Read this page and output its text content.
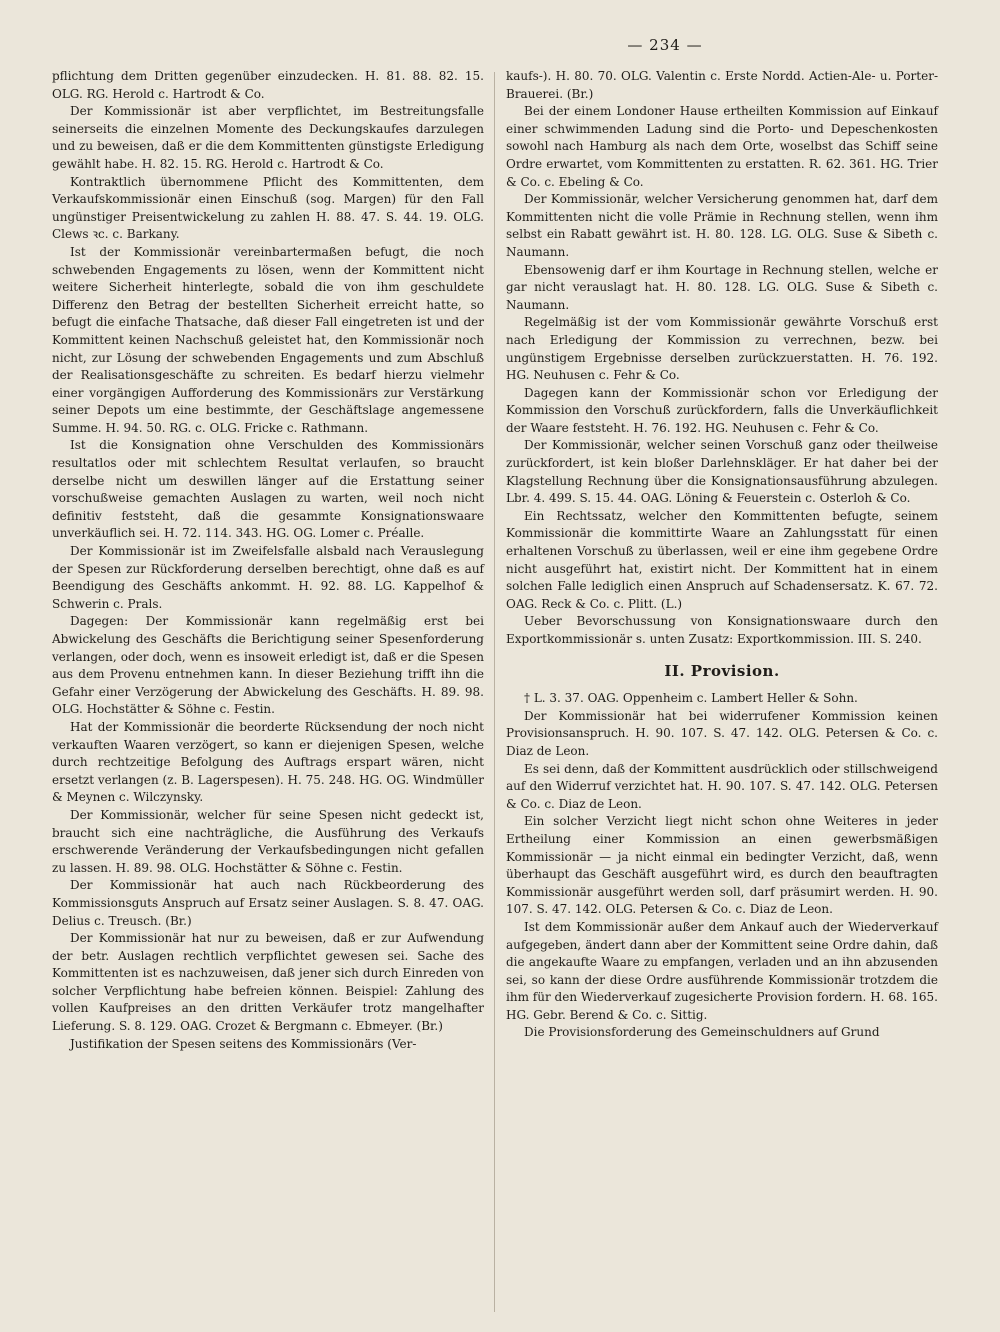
— 234 —

pflichtung dem Dritten gegenüber einzudecken. H. 81. 88. 82. 15. OLG. RG. Herold c. Hartrodt & Co.

Der Kommissionär ist aber verpflichtet, im Bestreitungsfalle seinerseits die einzelnen Momente des Deckungskaufes darzulegen und zu beweisen, daß er die dem Kommittenten günstigste Erledigung gewählt habe. H. 82. 15. RG. Herold c. Hartrodt & Co.

Kontraktlich übernommene Pflicht des Kommittenten, dem Verkaufskommissionär einen Einschuß (sog. Margen) für den Fall ungünstiger Preisentwickelung zu zahlen H. 88. 47. S. 44. 19. OLG. Clews ꝛc. c. Barkany.

Ist der Kommissionär vereinbartermaßen befugt, die noch schwebenden Engagements zu lösen, wenn der Kommittent nicht weitere Sicherheit hinterlegte, sobald die von ihm geschuldete Differenz den Betrag der bestellten Sicherheit erreicht hatte, so befugt die einfache Thatsache, daß dieser Fall eingetreten ist und der Kommittent keinen Nachschuß geleistet hat, den Kommissionär noch nicht, zur Lösung der schwebenden Engagements und zum Abschluß der Realisationsgeschäfte zu schreiten. Es bedarf hierzu vielmehr einer vorgängigen Aufforderung des Kommissionärs zur Verstärkung seiner Depots um eine bestimmte, der Geschäftslage angemessene Summe. H. 94. 50. RG. c. OLG. Fricke c. Rathmann.

Ist die Konsignation ohne Verschulden des Kommissionärs resultatlos oder mit schlechtem Resultat verlaufen, so braucht derselbe nicht um deswillen länger auf die Erstattung seiner vorschußweise gemachten Auslagen zu warten, weil noch nicht definitiv feststeht, daß die gesammte Konsignationswaare unverkäuflich sei. H. 72. 114. 343. HG. OG. Lomer c. Préalle.

Der Kommissionär ist im Zweifelsfalle alsbald nach Verauslegung der Spesen zur Rückforderung derselben berechtigt, ohne daß es auf Beendigung des Geschäfts ankommt. H. 92. 88. LG. Kappelhof & Schwerin c. Prals.

Dagegen: Der Kommissionär kann regelmäßig erst bei Abwickelung des Geschäfts die Berichtigung seiner Spesenforderung verlangen, oder doch, wenn es insoweit erledigt ist, daß er die Spesen aus dem Provenu entnehmen kann. In dieser Beziehung trifft ihn die Gefahr einer Verzögerung der Abwickelung des Geschäfts. H. 89. 98. OLG. Hochstätter & Söhne c. Festin.

Hat der Kommissionär die beorderte Rücksendung der noch nicht verkauften Waaren verzögert, so kann er diejenigen Spesen, welche durch rechtzeitige Befolgung des Auftrags erspart wären, nicht ersetzt verlangen (z. B. Lagerspesen). H. 75. 248. HG. OG. Windmüller & Meynen c. Wilczynsky.

Der Kommissionär, welcher für seine Spesen nicht gedeckt ist, braucht sich eine nachträgliche, die Ausführung des Verkaufs erschwerende Veränderung der Verkaufsbedingungen nicht gefallen zu lassen. H. 89. 98. OLG. Hochstätter & Söhne c. Festin.

Der Kommissionär hat auch nach Rückbeorderung des Kommissionsguts Anspruch auf Ersatz seiner Auslagen. S. 8. 47. OAG. Delius c. Treusch. (Br.)

Der Kommissionär hat nur zu beweisen, daß er zur Aufwendung der betr. Auslagen rechtlich verpflichtet gewesen sei. Sache des Kommittenten ist es nachzuweisen, daß jener sich durch Einreden von solcher Verpflichtung habe befreien können. Beispiel: Zahlung des vollen Kaufpreises an den dritten Verkäufer trotz mangelhafter Lieferung. S. 8. 129. OAG. Crozet & Bergmann c. Ebmeyer. (Br.)

Justifikation der Spesen seitens des Kommissionärs (Ver-

kaufs-). H. 80. 70. OLG. Valentin c. Erste Nordd. Actien-Ale- u. Porter-Brauerei. (Br.)

Bei der einem Londoner Hause ertheilten Kommission auf Einkauf einer schwimmenden Ladung sind die Porto- und Depeschenkosten sowohl nach Hamburg als nach dem Orte, woselbst das Schiff seine Ordre erwartet, vom Kommittenten zu erstatten. R. 62. 361. HG. Trier & Co. c. Ebeling & Co.

Der Kommissionär, welcher Versicherung genommen hat, darf dem Kommittenten nicht die volle Prämie in Rechnung stellen, wenn ihm selbst ein Rabatt gewährt ist. H. 80. 128. LG. OLG. Suse & Sibeth c. Naumann.

Ebensowenig darf er ihm Kourtage in Rechnung stellen, welche er gar nicht verauslagt hat. H. 80. 128. LG. OLG. Suse & Sibeth c. Naumann.

Regelmäßig ist der vom Kommissionär gewährte Vorschuß erst nach Erledigung der Kommission zu verrechnen, bezw. bei ungünstigem Ergebnisse derselben zurückzuerstatten. H. 76. 192. HG. Neuhusen c. Fehr & Co.

Dagegen kann der Kommissionär schon vor Erledigung der Kommission den Vorschuß zurückfordern, falls die Unverkäuflichkeit der Waare feststeht. H. 76. 192. HG. Neuhusen c. Fehr & Co.

Der Kommissionär, welcher seinen Vorschuß ganz oder theilweise zurückfordert, ist kein bloßer Darlehnskläger. Er hat daher bei der Klagstellung Rechnung über die Konsignationsausführung abzulegen. Lbr. 4. 499. S. 15. 44. OAG. Löning & Feuerstein c. Osterloh & Co.

Ein Rechtssatz, welcher den Kommittenten befugte, seinem Kommissionär die kommittirte Waare an Zahlungsstatt für einen erhaltenen Vorschuß zu überlassen, weil er eine ihm gegebene Ordre nicht ausgeführt hat, existirt nicht. Der Kommittent hat in einem solchen Falle lediglich einen Anspruch auf Schadensersatz. K. 67. 72. OAG. Reck & Co. c. Plitt. (L.)

Ueber Bevorschussung von Konsignationswaare durch den Exportkommissionär s. unten Zusatz: Exportkommission. III. S. 240.

II. Provision.

† L. 3. 37. OAG. Oppenheim c. Lambert Heller & Sohn.

Der Kommissionär hat bei widerrufener Kommission keinen Provisionsanspruch. H. 90. 107. S. 47. 142. OLG. Petersen & Co. c. Diaz de Leon.

Es sei denn, daß der Kommittent ausdrücklich oder stillschweigend auf den Widerruf verzichtet hat. H. 90. 107. S. 47. 142. OLG. Petersen & Co. c. Diaz de Leon.

Ein solcher Verzicht liegt nicht schon ohne Weiteres in jeder Ertheilung einer Kommission an einen gewerbsmäßigen Kommissionär — ja nicht einmal ein bedingter Verzicht, daß, wenn überhaupt das Geschäft ausgeführt wird, es durch den beauftragten Kommissionär ausgeführt werden soll, darf präsumirt werden. H. 90. 107. S. 47. 142. OLG. Petersen & Co. c. Diaz de Leon.

Ist dem Kommissionär außer dem Ankauf auch der Wiederverkauf aufgegeben, ändert dann aber der Kommittent seine Ordre dahin, daß die angekaufte Waare zu empfangen, verladen und an ihn abzusenden sei, so kann der diese Ordre ausführende Kommissionär trotzdem die ihm für den Wiederverkauf zugesicherte Provision fordern. H. 68. 165. HG. Gebr. Berend & Co. c. Sittig.

Die Provisionsforderung des Gemeinschuldners auf Grund
